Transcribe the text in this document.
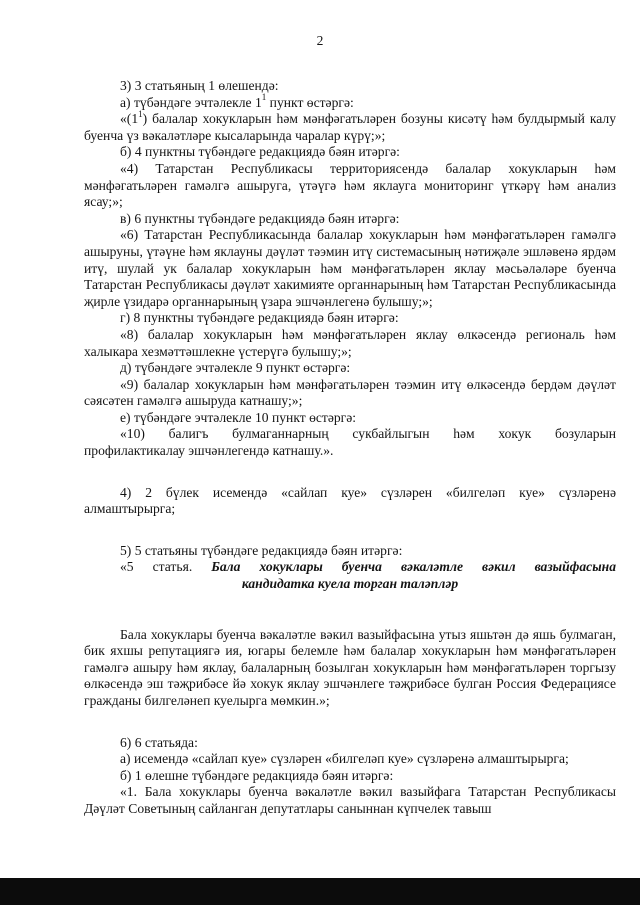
2

3) 3 статьяның 1 өлешендә:

а) түбәндәге эчтәлекле $1^1$ пункт өстәргә:

«$(1^1)$ балалар хокукларын һәм мәнфәгатьләрен бозуны кисәтү һәм булдырмый калу буенча үз вәкаләтләре кысаларында чаралар күрү;»;

б) 4 пунктны түбәндәге редакциядә бәян итәргә:

«4) Татарстан Республикасы территориясендә балалар хокукларын һәм мәнфәгатьләрен гамәлгә ашыруга, үтәүгә һәм яклауга мониторинг үткәрү һәм анализ ясау;»;

в) 6 пунктны түбәндәге редакциядә бәян итәргә:

«6) Татарстан Республикасында балалар хокукларын һәм мәнфәгатьләрен гамәлгә ашыруны, үтәүне һәм яклауны дәүләт тәэмин итү системасының нәтиҗәле эшләвенә ярдәм итү, шулай ук балалар хокукларын һәм мәнфәгатьләрен яклау мәсьәләләре буенча Татарстан Республикасы дәүләт хакимияте органнарының һәм Татарстан Республикасында җирле үзидарә органнарының үзара эшчәнлегенә булышу;»;

г) 8 пунктны түбәндәге редакциядә бәян итәргә:

«8) балалар хокукларын һәм мәнфәгатьләрен яклау өлкәсендә региональ һәм халыкара хезмәттәшлекне үстерүгә булышу;»;

д) түбәндәге эчтәлекле 9 пункт өстәргә:

«9) балалар хокукларын һәм мәнфәгатьләрен тәэмин итү өлкәсендә бердәм дәүләт сәясәтен гамәлгә ашыруда катнашу;»;

е) түбәндәге эчтәлекле 10 пункт өстәргә:

«10) балигъ булмаганнарның сукбайлыгын һәм хокук бозуларын

профилактикалау эшчәнлегендә катнашу.».

4) 2 бүлек исемендә «сайлап куе» сүзләрен «билгеләп куе» сүзләренә алмаштырырга;

5) 5 статьяны түбәндәге редакциядә бәян итәргә:

«5 статья. Бала хокуклары буенча вәкаләтле вәкил вазыйфасына

кандидатка куела торган таләпләр

Бала хокуклары буенча вәкаләтле вәкил вазыйфасына утыз яшьтән дә яшь булмаган, бик яхшы репутациягә ия, югары белемле һәм балалар хокукларын һәм мәнфәгатьләрен гамәлгә ашыру һәм яклау, балаларның бозылган хокукларын һәм мәнфәгатьләрен торгызу өлкәсендә эш тәҗрибәсе йә хокук яклау эшчәнлеге тәҗрибәсе булган Россия Федерациясе гражданы билгеләнеп куелырга мөмкин.»;

6) 6 статьяда:

а) исемендә «сайлап куе» сүзләрен «билгеләп куе» сүзләренә алмаштырырга;

б) 1 өлешне түбәндәге редакциядә бәян итәргә:

«1. Бала хокуклары буенча вәкаләтле вәкил вазыйфага Татарстан Республикасы Дәүләт Советының сайланган депутатлары саныннан күпчелек тавыш
